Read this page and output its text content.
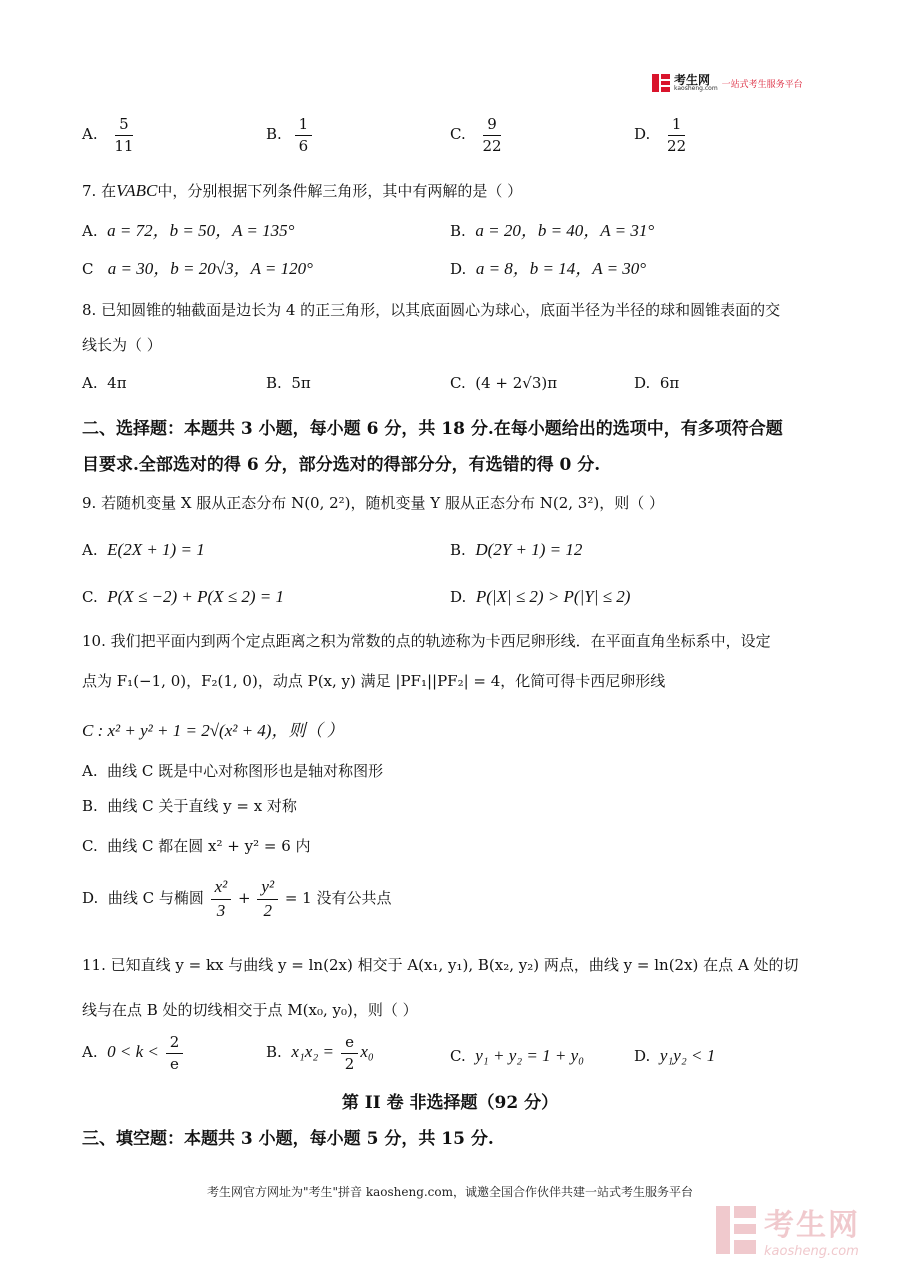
考生网
kaosheng.com 一站式考生服务平台
A. $\frac{5}{11}$	B. $\frac{1}{6}$	C. $\frac{9}{22}$	D. $\frac{1}{22}$
7. 在VABC中，分别根据下列条件解三角形，其中有两解的是（ ）
A. a = 72，b = 50，A = 135°	B. a = 20，b = 40，A = 31°
C a = 30，b = 20√3，A = 120°	D. a = 8，b = 14，A = 30°
8. 已知圆锥的轴截面是边长为 4 的正三角形，以其底面圆心为球心，底面半径为半径的球和圆锥表面的交
线长为（ ）
A. 4π	B. 5π	C. (4 + 2√3)π	D. 6π
二、选择题：本题共 3 小题，每小题 6 分，共 18 分.在每小题给出的选项中，有多项符合题
目要求.全部选对的得 6 分，部分选对的得部分分，有选错的得 0 分.
9. 若随机变量 X 服从正态分布 N(0, 2²)，随机变量 Y 服从正态分布 N(2, 3²)，则（ ）
A. E(2X + 1) = 1	B. D(2Y + 1) = 12
C. P(X ≤ −2) + P(X ≤ 2) = 1	D. P(|X| ≤ 2) > P(|Y| ≤ 2)
10. 我们把平面内到两个定点距离之积为常数的点的轨迹称为卡西尼卵形线．在平面直角坐标系中，设定
点为 F₁(−1, 0)，F₂(1, 0)，动点 P(x, y) 满足 |PF₁||PF₂| = 4，化简可得卡西尼卵形线
C : x² + y² + 1 = 2√(x² + 4)，则（ ）
A. 曲线 C 既是中心对称图形也是轴对称图形
B. 曲线 C 关于直线 y = x 对称
C. 曲线 C 都在圆 x² + y² = 6 内
D. 曲线 C 与椭圆 $\frac{\text{x²}}{3} + \frac{\text{y²}}{2} = 1$ 没有公共点
11. 已知直线 y = kx 与曲线 y = ln(2x) 相交于 A(x₁, y₁), B(x₂, y₂) 两点，曲线 y = ln(2x) 在点 A 处的切
线与在点 B 处的切线相交于点 M(x₀, y₀)，则（ ）
A. $0 < k < \frac{2}{e}$	B. $x_1x_2 = \frac{e}{2} x_0$	C. y₁ + y₂ = 1 + y₀	D. y₁y₂ < 1
第 II 卷 非选择题（92 分）
三、填空题：本题共 3 小题，每小题 5 分，共 15 分.
考生网官方网址为"考生"拼音 kaosheng.com，诚邀全国合作伙伴共建一站式考生服务平台
考生网
kaosheng.com
